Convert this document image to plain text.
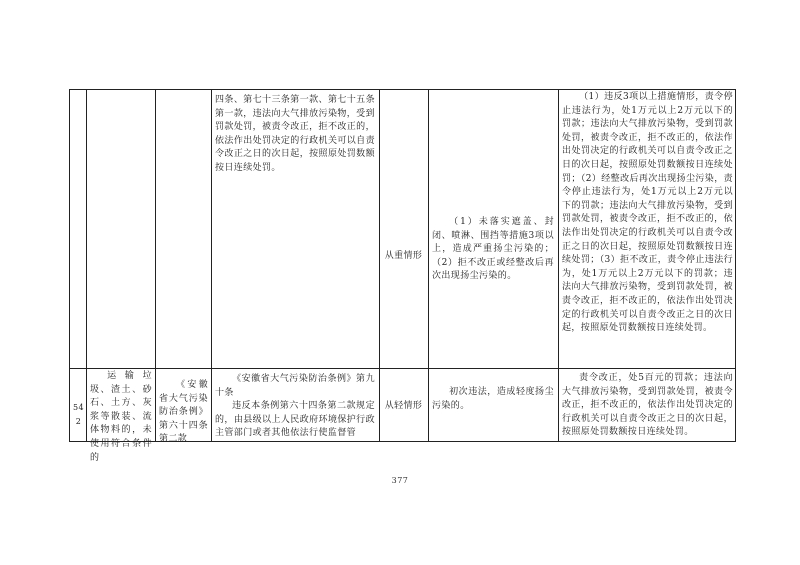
四条、第七十三条第一款、第七十五条第一款，违法向大气排放污染物，受到罚款处罚，被责令改正，拒不改正的，依法作出处罚决定的行政机关可以自责令改正之日的次日起，按照原处罚数额按日连续处罚。

从重情形

（1）未落实遮盖、封闭、喷淋、围挡等措施3项以上，造成严重扬尘污染的；（2）拒不改正或经整改后再次出现扬尘污染的。

（1）违反3项以上措施情形，责令停止违法行为，处1万元以上2万元以下的罚款；违法向大气排放污染物，受到罚款处罚，被责令改正，拒不改正的，依法作出处罚决定的行政机关可以自责令改正之日的次日起，按照原处罚数额按日连续处罚；（2）经整改后再次出现扬尘污染，责令停止违法行为，处1万元以上2万元以下的罚款；违法向大气排放污染物，受到罚款处罚，被责令改正，拒不改正的，依法作出处罚决定的行政机关可以自责令改正之日的次日起，按照原处罚数额按日连续处罚；（3）拒不改正，责令停止违法行为，处1万元以上2万元以下的罚款；违法向大气排放污染物，受到罚款处罚，被责令改正，拒不改正的，依法作出处罚决定的行政机关可以自责令改正之日的次日起，按照原处罚数额按日连续处罚。

542

运输垃圾、渣土、砂石、土方、灰浆等散装、流体物料的，未使用符合条件的

《安徽省大气污染防治条例》第六十四条第二款

《安徽省大气污染防治条例》第九十条

违反本条例第六十四条第二款规定的，由县级以上人民政府环境保护行政主管部门或者其他依法行使监督管

从轻情形

初次违法，造成轻度扬尘污染的。

责令改正，处5百元的罚款；违法向大气排放污染物，受到罚款处罚，被责令改正，拒不改正的，依法作出处罚决定的行政机关可以自责令改正之日的次日起，按照原处罚数额按日连续处罚。

377
